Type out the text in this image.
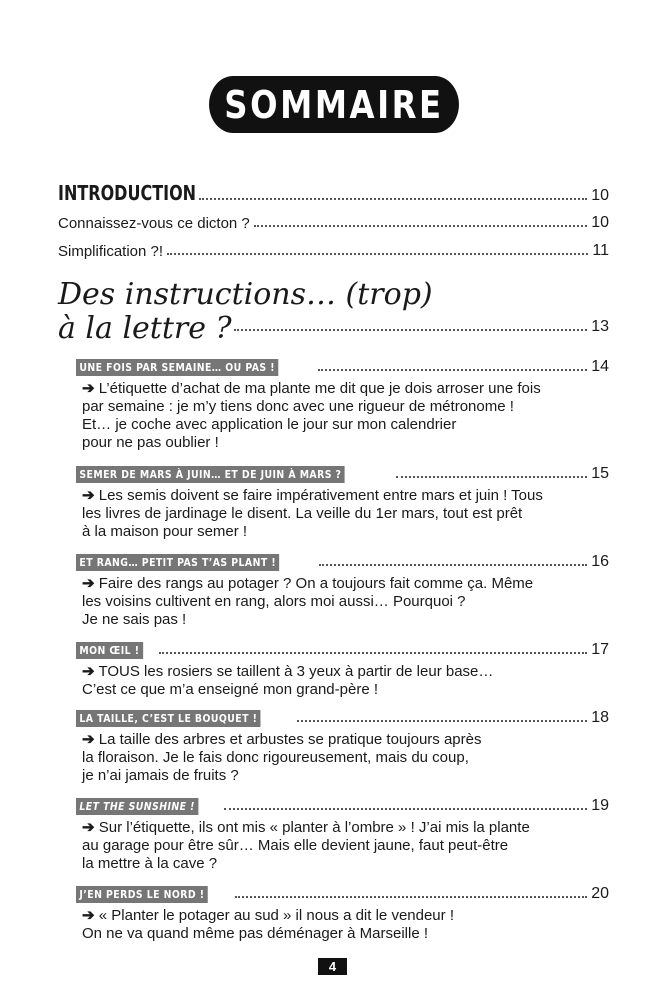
SOMMAIRE
INTRODUCTION	10
Connaissez-vous ce dicton ?	10
Simplification ?!	11
Des instructions… (trop)
à la lettre ?	13
UNE FOIS PAR SEMAINE… OU PAS !	14
➔ L’étiquette d’achat de ma plante me dit que je dois arroser une fois
par semaine : je m’y tiens donc avec une rigueur de métronome !
Et… je coche avec application le jour sur mon calendrier
pour ne pas oublier !
SEMER DE MARS À JUIN… ET DE JUIN À MARS ?	15
➔ Les semis doivent se faire impérativement entre mars et juin ! Tous
les livres de jardinage le disent. La veille du 1er mars, tout est prêt
à la maison pour semer !
ET RANG… PETIT PAS T’AS PLANT !	16
➔ Faire des rangs au potager ? On a toujours fait comme ça. Même
les voisins cultivent en rang, alors moi aussi… Pourquoi ?
Je ne sais pas !
MON ŒIL !	17
➔ TOUS les rosiers se taillent à 3 yeux à partir de leur base…
C’est ce que m’a enseigné mon grand-père !
LA TAILLE, C’EST LE BOUQUET !	18
➔ La taille des arbres et arbustes se pratique toujours après
la floraison. Je le fais donc rigoureusement, mais du coup,
je n’ai jamais de fruits ?
LET THE SUNSHINE !	19
➔ Sur l’étiquette, ils ont mis « planter à l’ombre » ! J’ai mis la plante
au garage pour être sûr… Mais elle devient jaune, faut peut-être
la mettre à la cave ?
J’EN PERDS LE NORD !	20
➔ « Planter le potager au sud » il nous a dit le vendeur !
On ne va quand même pas déménager à Marseille !
4
